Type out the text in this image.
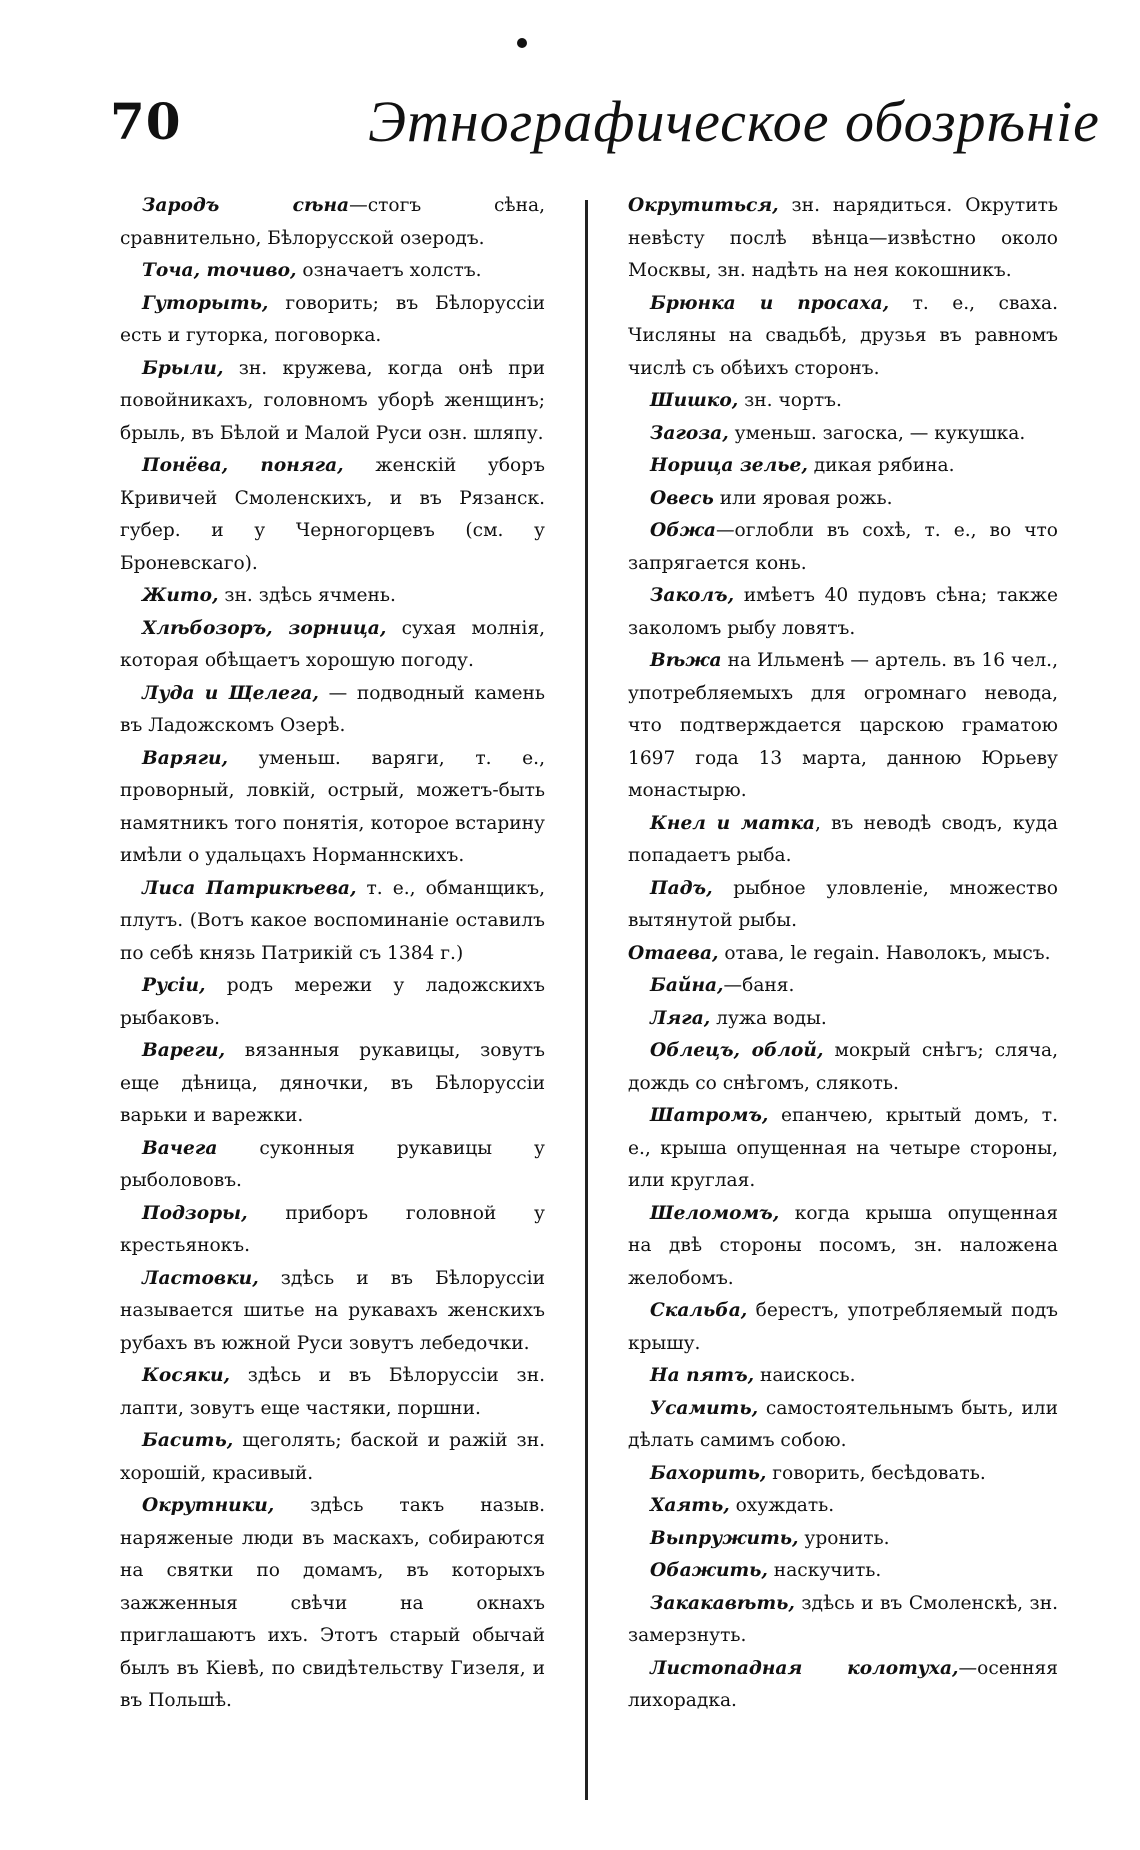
70	Этнографическое обозрѣніе

Зародъ сѣна—стогъ сѣна, сравнительно, Бѣлорусской озеродъ.

Точа, точиво, означаетъ холстъ.

Гуторыть, говорить; въ Бѣлоруссіи есть и гуторка, поговорка.

Брыли, зн. кружева, когда онѣ при повойникахъ, головномъ уборѣ женщинъ; брыль, въ Бѣлой и Малой Руси озн. шляпу.

Понёва, поняга, женскій уборъ Кривичей Смоленскихъ, и въ Рязанск. губер. и у Черногорцевъ (см. у Броневскаго).

Жито, зн. здѣсь ячмень.

Хлѣбозоръ, зорница, сухая молнія, которая обѣщаетъ хорошую погоду.

Луда и Щелега, — подводный камень въ Ладожскомъ Озерѣ.

Варяги, уменьш. варяги, т. е., проворный, ловкій, острый, можетъ-быть намятникъ того понятія, которое встарину имѣли о удальцахъ Норманнскихъ.

Лиса Патрикѣева, т. е., обманщикъ, плутъ. (Вотъ какое воспоминаніе оставилъ по себѣ князь Патрикій съ 1384 г.)

Русіи, родъ мережи у ладожскихъ рыбаковъ.

Вареги, вязанныя рукавицы, зовутъ еще дѣница, дяночки, въ Бѣлоруссіи варьки и варежки.

Вачега суконныя рукавицы у рыболововъ.

Подзоры, приборъ головной у крестьянокъ.

Ластовки, здѣсь и въ Бѣлоруссіи называется шитье на рукавахъ женскихъ рубахъ въ южной Руси зовутъ лебедочки.

Косяки, здѣсь и въ Бѣлоруссіи зн. лапти, зовутъ еще частяки, поршни.

Басить, щеголять; баской и ражій зн. хорошій, красивый.

Окрутники, здѣсь такъ назыв. наряженые люди въ маскахъ, собираются на святки по домамъ, въ которыхъ зажженныя свѣчи на окнахъ приглашаютъ ихъ. Этотъ старый обычай былъ въ Кіевѣ, по свидѣтельству Гизеля, и въ Польшѣ.

Окрутиться, зн. нарядиться. Окрутить невѣсту послѣ вѣнца—извѣстно около Москвы, зн. надѣть на нея кокошникъ.

Брюнка и просаха, т. е., сваха. Числяны на свадьбѣ, друзья въ равномъ числѣ съ обѣихъ сторонъ.

Шишко, зн. чортъ.

Загоза, уменьш. загоска, — кукушка.

Норица зелье, дикая рябина.

Овесь или яровая рожь.

Обжа—оглобли въ сохѣ, т. е., во что запрягается конь.

Заколъ, имѣетъ 40 пудовъ сѣна; также заколомъ рыбу ловятъ.

Вѣжа на Ильменѣ — артель. въ 16 чел., употребляемыхъ для огромнаго невода, что подтверждается царскою граматою 1697 года 13 марта, данною Юрьеву монастырю.

Кнел и матка, въ неводѣ сводъ, куда попадаетъ рыба.

Падъ, рыбное уловленіе, множество вытянутой рыбы.

Отаева, отава, le regain. Наволокъ, мысъ.

Байна,—баня.

Ляга, лужа воды.

Облецъ, облой, мокрый снѣгъ; сляча, дождь со снѣгомъ, слякоть.

Шатромъ, епанчею, крытый домъ, т. е., крыша опущенная на четыре стороны, или круглая.

Шеломомъ, когда крыша опущенная на двѣ стороны посомъ, зн. наложена желобомъ.

Скальба, берестъ, употребляемый подъ крышу.

На пятъ, наискось.

Усамить, самостоятельнымъ быть, или дѣлать самимъ собою.

Бахорить, говорить, бесѣдовать.

Хаять, охуждать.

Выпружить, уронить.

Обажить, наскучить.

Закакавѣть, здѣсь и въ Смоленскѣ, зн. замерзнуть.

Листопадная колотуха,—осенняя лихорадка.
